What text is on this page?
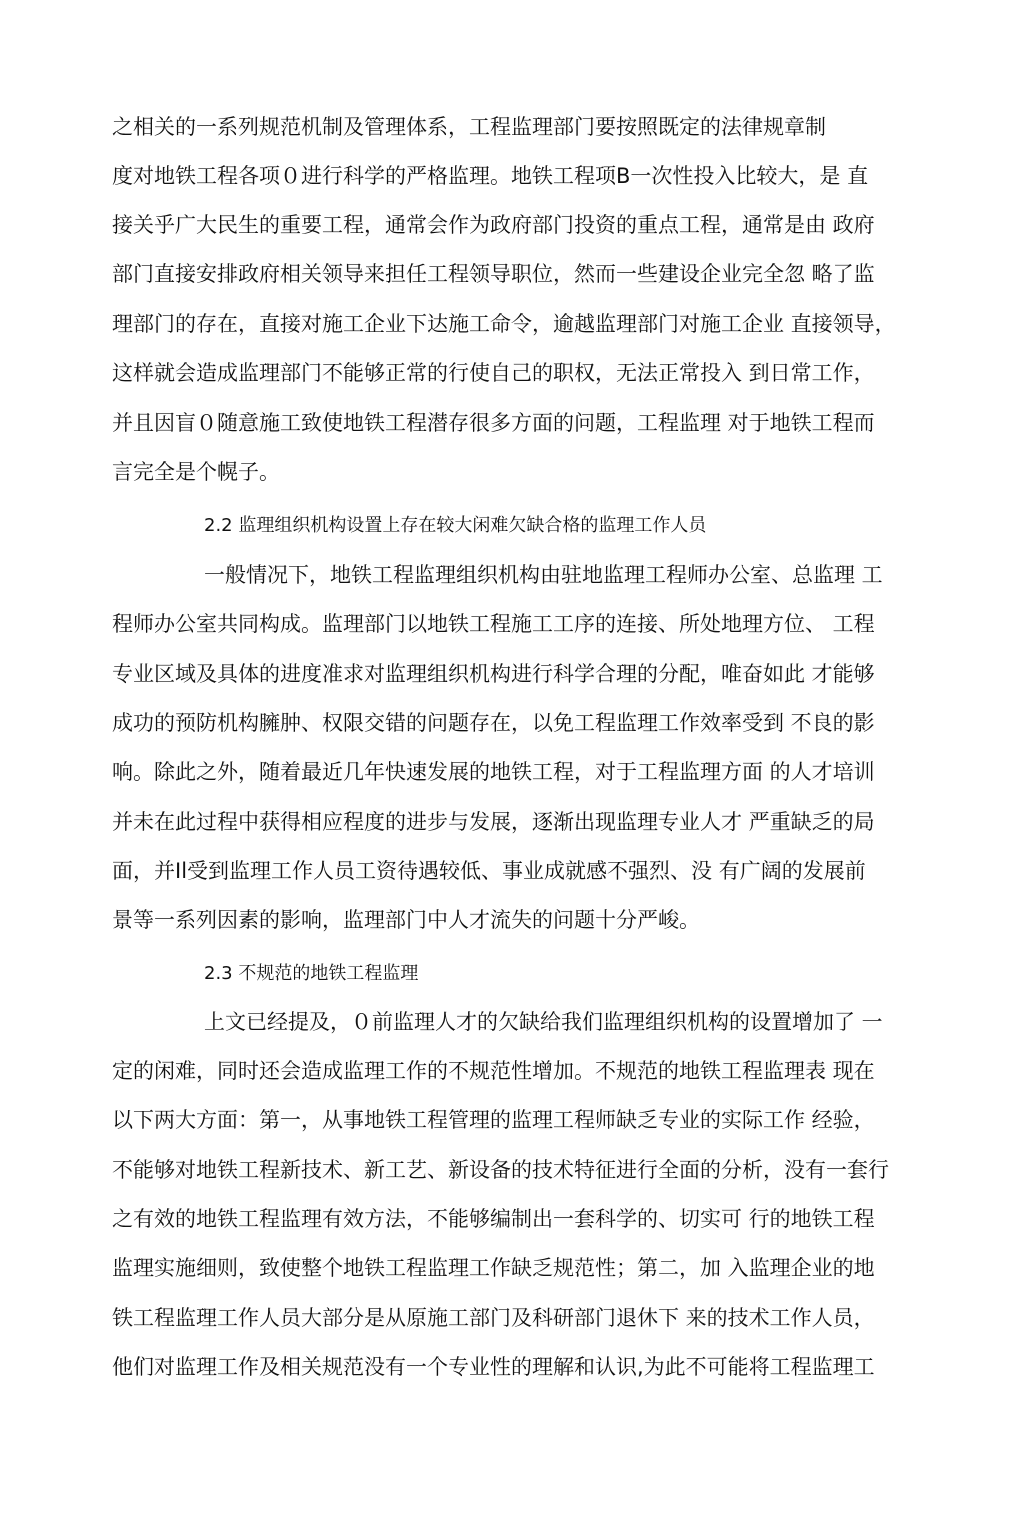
之相关的一系列规范机制及管理体系，工程监理部门要按照既定的法律规章制
度对地铁工程各项０进行科学的严格监理。地铁工程项B一次性投入比较大，是 直
接关乎广大民生的重要工程，通常会作为政府部门投资的重点工程，通常是由 政府
部门直接安排政府相关领导来担任工程领导职位，然而一些建设企业完全忽 略了监
理部门的存在，直接对施工企业下达施工命令，逾越监理部门对施工企业 直接领导，
这样就会造成监理部门不能够正常的行使自己的职权，无法正常投入 到日常工作，
并且因盲０随意施工致使地铁工程潜存很多方面的问题，工程监理 对于地铁工程而
言完全是个幌子。
2.2 监理组织机构设置上存在较大闲难欠缺合格的监理工作人员
一般情况下，地铁工程监理组织机构由驻地监理工程师办公室、总监理 工
程师办公室共同构成。监理部门以地铁工程施工工序的连接、所处地理方位、 工程
专业区域及具体的进度准求对监理组织机构进行科学合理的分配，唯奋如此 才能够
成功的预防机构臃肿、权限交错的问题存在，以免工程监理工作效率受到 不良的影
响。除此之外，随着最近几年快速发展的地铁工程，对于工程监理方面 的人才培训
并未在此过程中获得相应程度的进步与发展，逐渐出现监理专业人才 严重缺乏的局
面，并Il受到监理工作人员工资待遇较低、事业成就感不强烈、没 有广阔的发展前
景等一系列因素的影响，监理部门中人才流失的问题十分严峻。
2.3 不规范的地铁工程监理
上文已经提及，０前监理人才的欠缺给我们监理组织机构的设置增加了 一
定的闲难，同时还会造成监理工作的不规范性增加。不规范的地铁工程监理表 现在
以下两大方面：第一，从事地铁工程管理的监理工程师缺乏专业的实际工作 经验，
不能够对地铁工程新技术、新工艺、新设备的技术特征进行全面的分析，没有一套行
之有效的地铁工程监理有效方法，不能够编制出一套科学的、切实可 行的地铁工程
监理实施细则，致使整个地铁工程监理工作缺乏规范性；第二，加 入监理企业的地
铁工程监理工作人员大部分是从原施工部门及科研部门退休下 来的技术工作人员，
他们对监理工作及相关规范没有一个专业性的理解和认识,为此不可能将工程监理工
